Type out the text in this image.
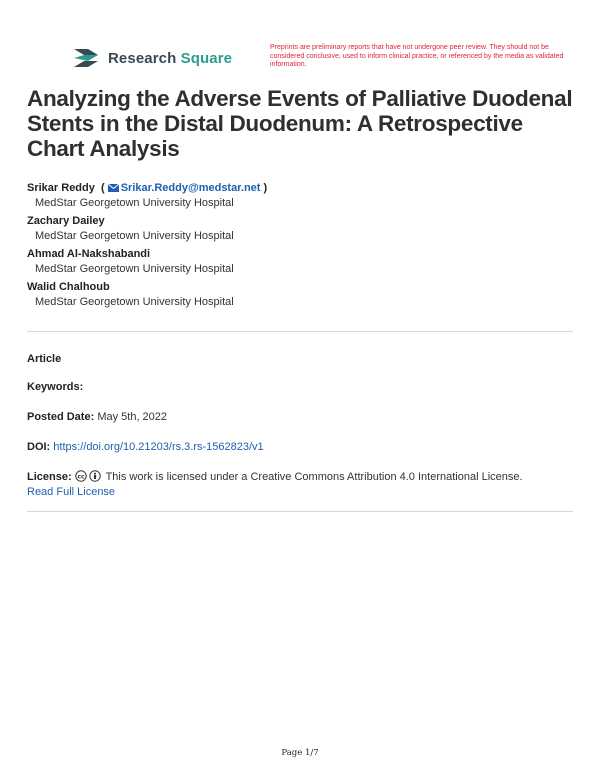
Research Square
Preprints are preliminary reports that have not undergone peer review. They should not be considered conclusive, used to inform clinical practice, or referenced by the media as validated information.
Analyzing the Adverse Events of Palliative Duodenal Stents in the Distal Duodenum: A Retrospective Chart Analysis
Srikar Reddy  ( Srikar.Reddy@medstar.net )
MedStar Georgetown University Hospital
Zachary Dailey
MedStar Georgetown University Hospital
Ahmad Al-Nakshabandi
MedStar Georgetown University Hospital
Walid Chalhoub
MedStar Georgetown University Hospital
Article
Keywords:
Posted Date: May 5th, 2022
DOI: https://doi.org/10.21203/rs.3.rs-1562823/v1
License: cc This work is licensed under a Creative Commons Attribution 4.0 International License.
Read Full License
Page 1/7
